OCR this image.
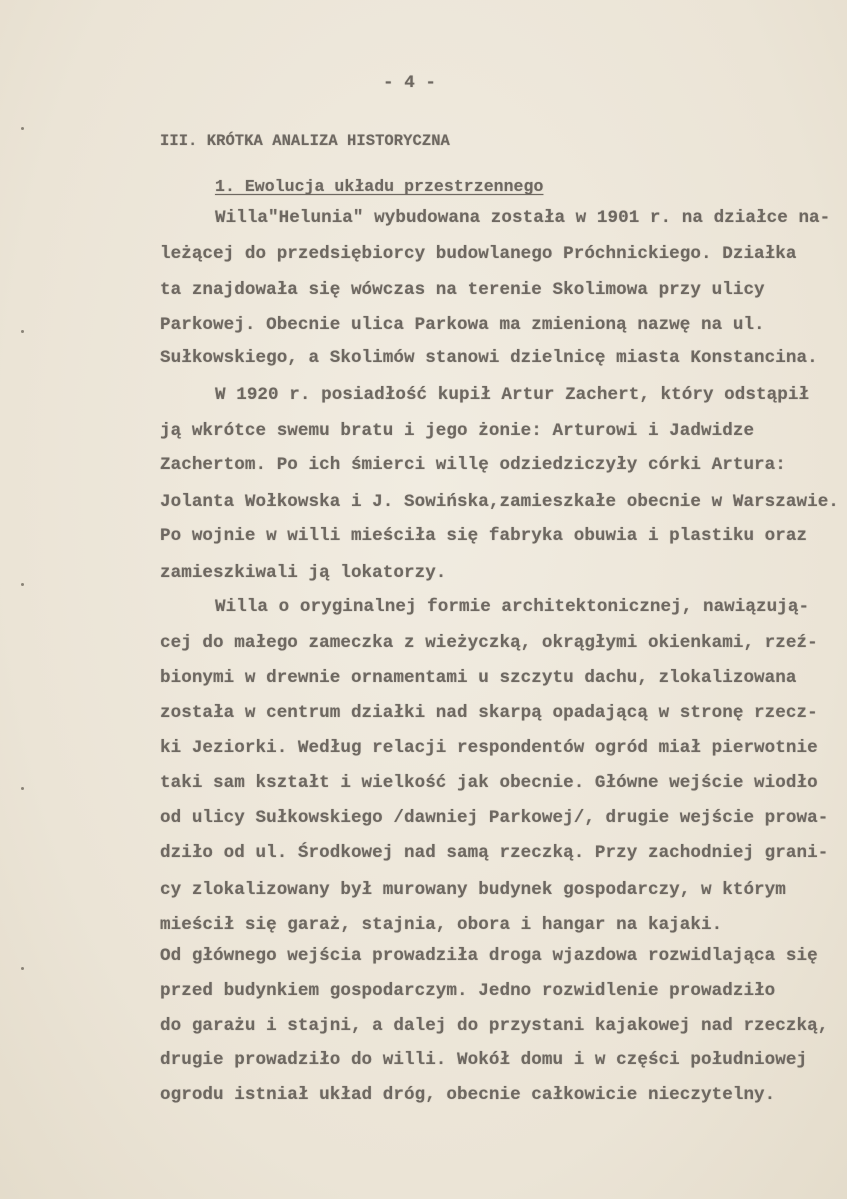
- 4 -
III. KRÓTKA ANALIZA HISTORYCZNA
1. Ewolucja układu przestrzennego
Willa"Helunia" wybudowana została w 1901 r. na działce na-
leżącej do przedsiębiorcy budowlanego Próchnickiego. Działka
ta znajdowała się wówczas na terenie Skolimowa przy ulicy
Parkowej. Obecnie ulica Parkowa ma zmienioną nazwę na ul.
Sułkowskiego, a Skolimów stanowi dzielnicę miasta Konstancina.
W 1920 r. posiadłość kupił Artur Zachert, który odstąpił
ją wkrótce swemu bratu i jego żonie: Arturowi i Jadwidze
Zachertom. Po ich śmierci willę odziedziczyły córki Artura:
Jolanta Wołkowska i J. Sowińska,zamieszkałe obecnie w Warszawie.
Po wojnie w willi mieściła się fabryka obuwia i plastiku oraz
zamieszkiwali ją lokatorzy.
Willa o oryginalnej formie architektonicznej, nawiązują-
cej do małego zameczka z wieżyczką, okrągłymi okienkami, rzeź-
bionymi w drewnie ornamentami u szczytu dachu, zlokalizowana
została w centrum działki nad skarpą opadającą w stronę rzecz-
ki Jeziorki. Według relacji respondentów ogród miał pierwotnie
taki sam kształt i wielkość jak obecnie. Główne wejście wiodło
od ulicy Sułkowskiego /dawniej Parkowej/, drugie wejście prowa-
dziło od ul. Środkowej nad samą rzeczką. Przy zachodniej grani-
cy zlokalizowany był murowany budynek gospodarczy, w którym
mieścił się garaż, stajnia, obora i hangar na kajaki.
Od głównego wejścia prowadziła droga wjazdowa rozwidlająca się
przed budynkiem gospodarczym. Jedno rozwidlenie prowadziło
do garażu i stajni, a dalej do przystani kajakowej nad rzeczką,
drugie prowadziło do willi. Wokół domu i w części południowej
ogrodu istniał układ dróg, obecnie całkowicie nieczytelny.
